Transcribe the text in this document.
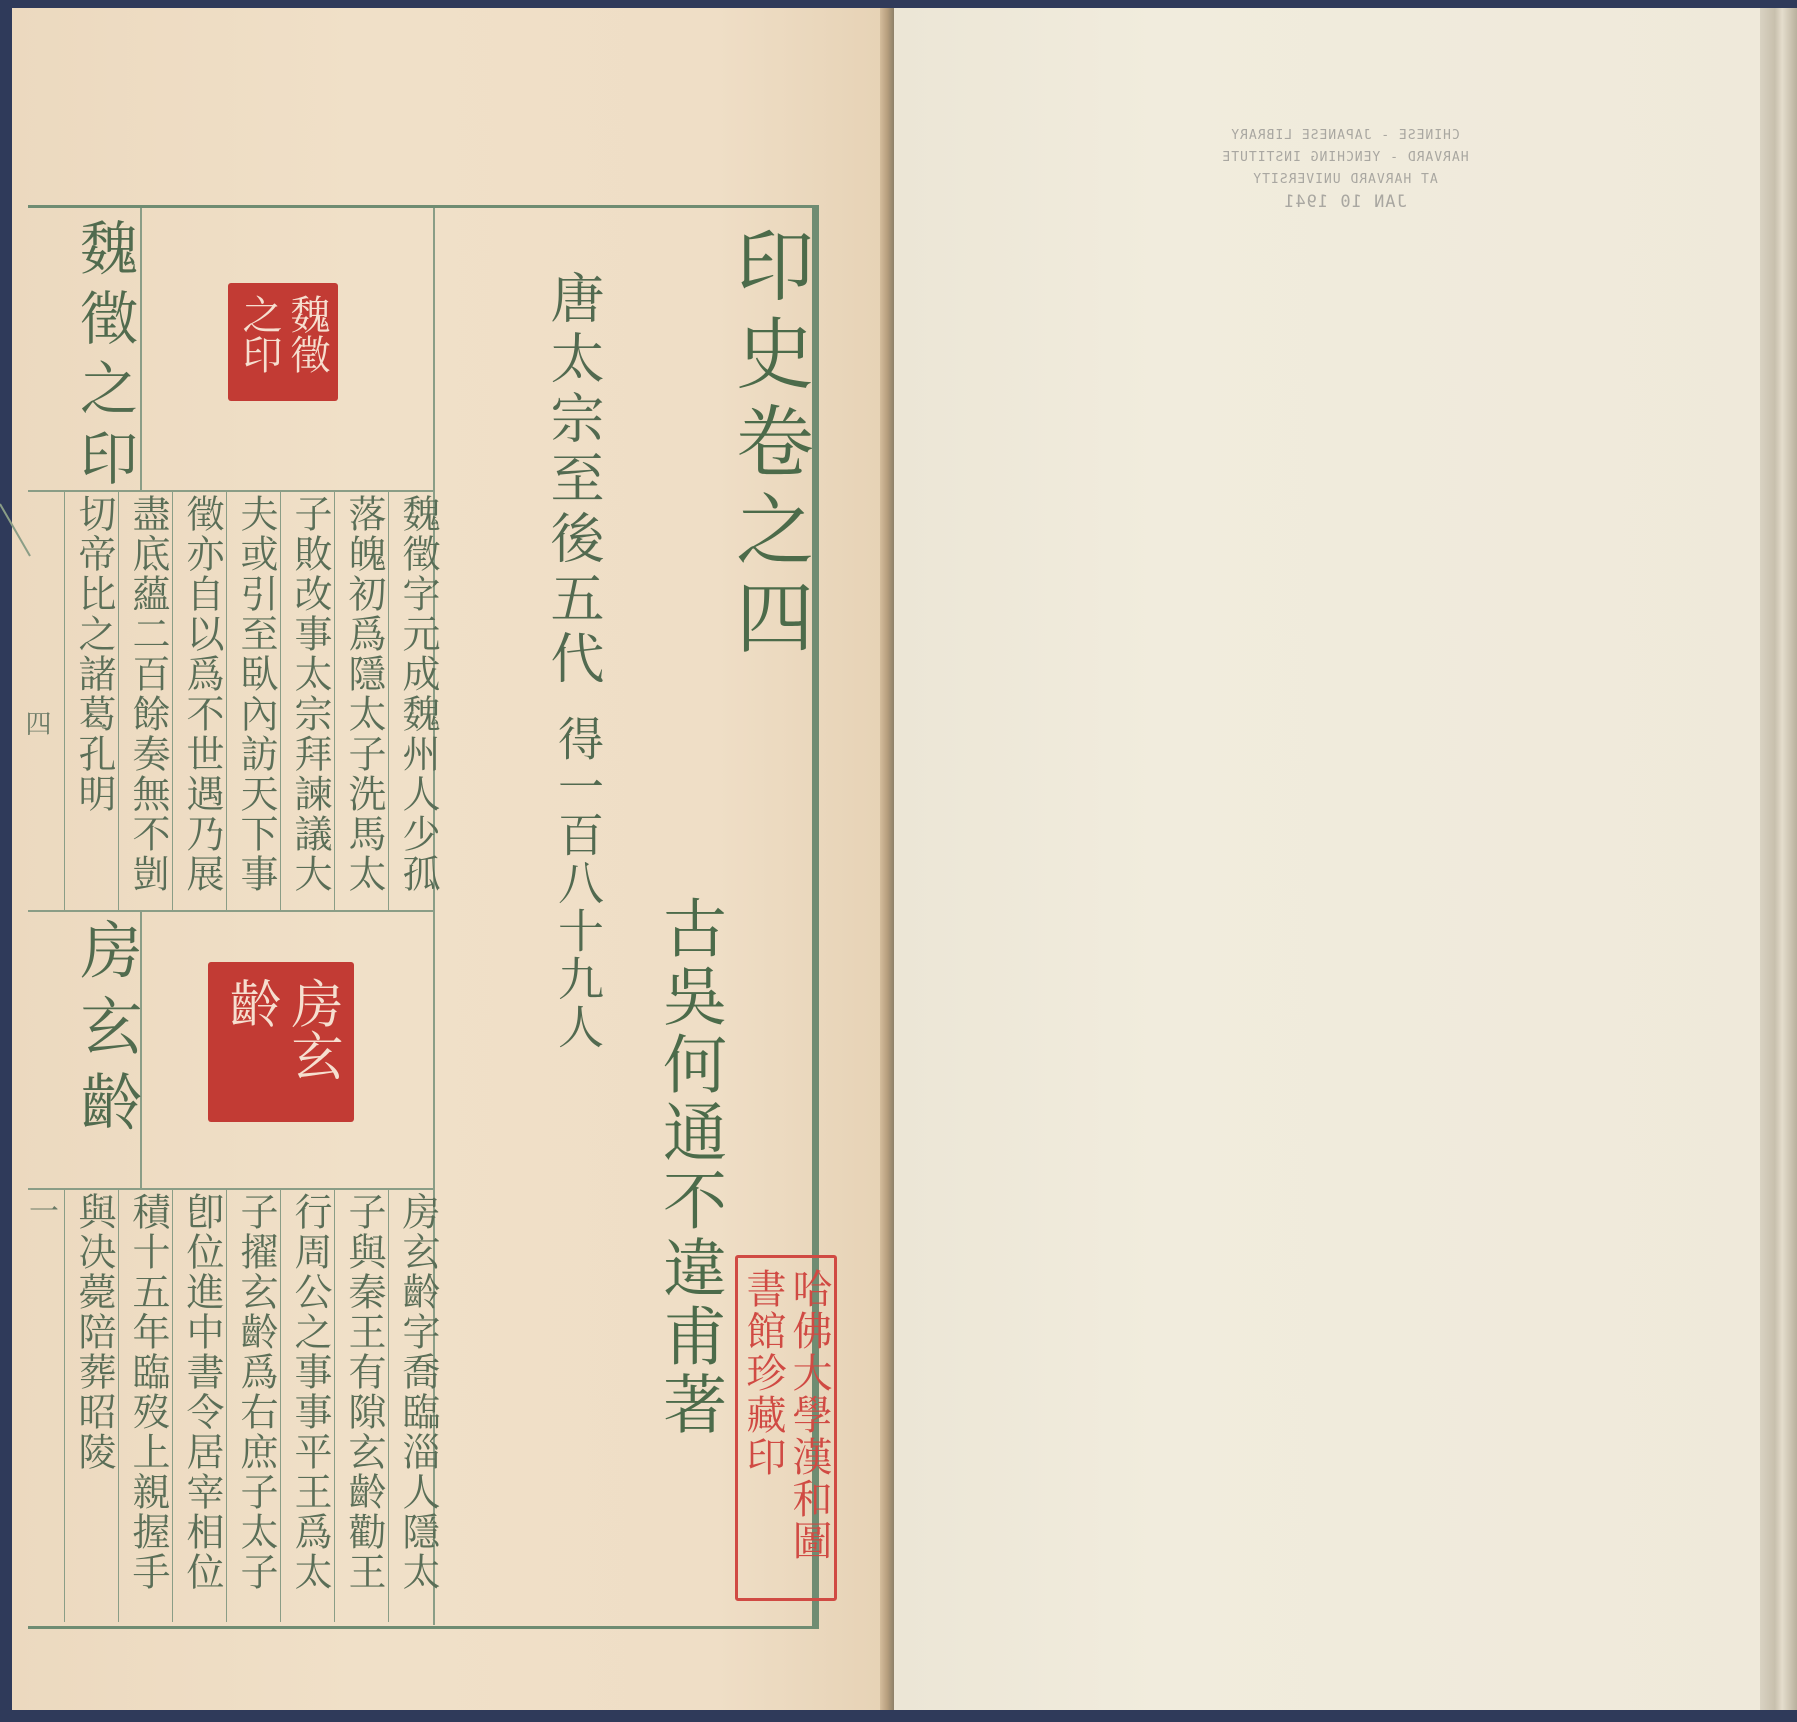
印史卷之四
唐太宗至後五代
得一百八十九人
古吳何通不違甫著	哈佛大學漢和圖書館珍藏印
魏徵之印	魏徵之印
魏徵字元成魏州人少孤
落魄初爲隱太子洗馬太
子敗改事太宗拜諫議大
夫或引至臥內訪天下事
徵亦自以爲不世遇乃展
盡底蘊二百餘奏無不剴
切帝比之諸葛孔明
房玄齡	房玄齡
房玄齡字喬臨淄人隱太
子與秦王有隙玄齡勸王
行周公之事事平王爲太
子擢玄齡爲右庶子太子
卽位進中書令居宰相位
積十五年臨歿上親握手
與决薨陪葬昭陵
四
一
CHINESE - JAPANESE LIBRARY
HARVARD - YENCHING INSTITUTE
AT HARVARD UNIVERSITY
JAN 10 1941
